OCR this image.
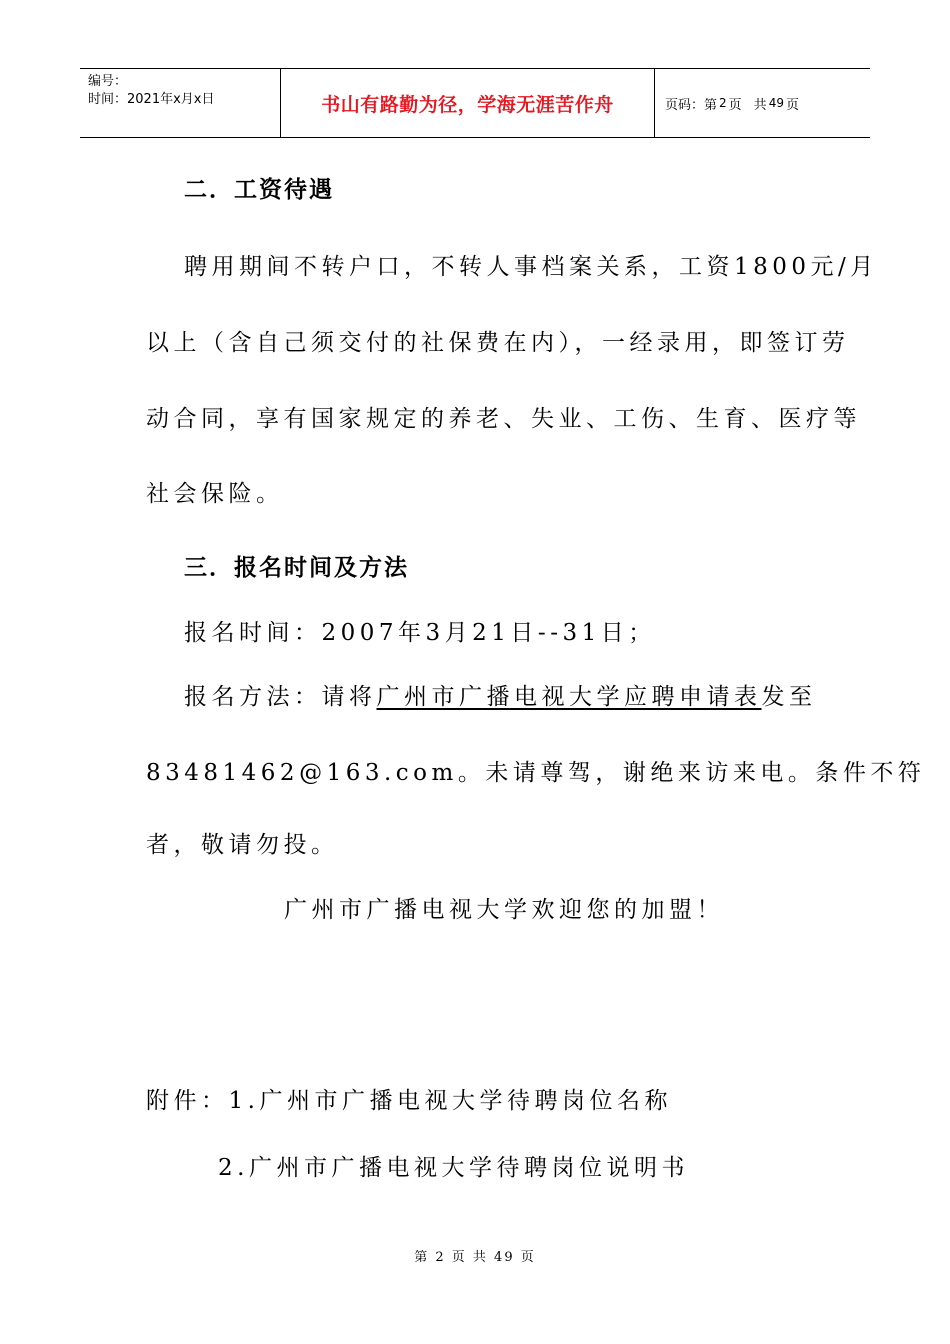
编号：
时间：2021年x月x日	书山有路勤为径，学海无涯苦作舟	页码：第 2 页 共 49 页
二．工资待遇
聘用期间不转户口，不转人事档案关系，工资1800元/月
以上（含自己须交付的社保费在内），一经录用，即签订劳
动合同，享有国家规定的养老、失业、工伤、生育、医疗等
社会保险。
三．报名时间及方法
报名时间：2007年3月21日--31日；
报名方法：请将广州市广播电视大学应聘申请表发至
83481462@163.com。未请尊驾，谢绝来访来电。条件不符
者，敬请勿投。
广州市广播电视大学欢迎您的加盟！
附件：1.广州市广播电视大学待聘岗位名称
2.广州市广播电视大学待聘岗位说明书
第 2 页 共 49 页
